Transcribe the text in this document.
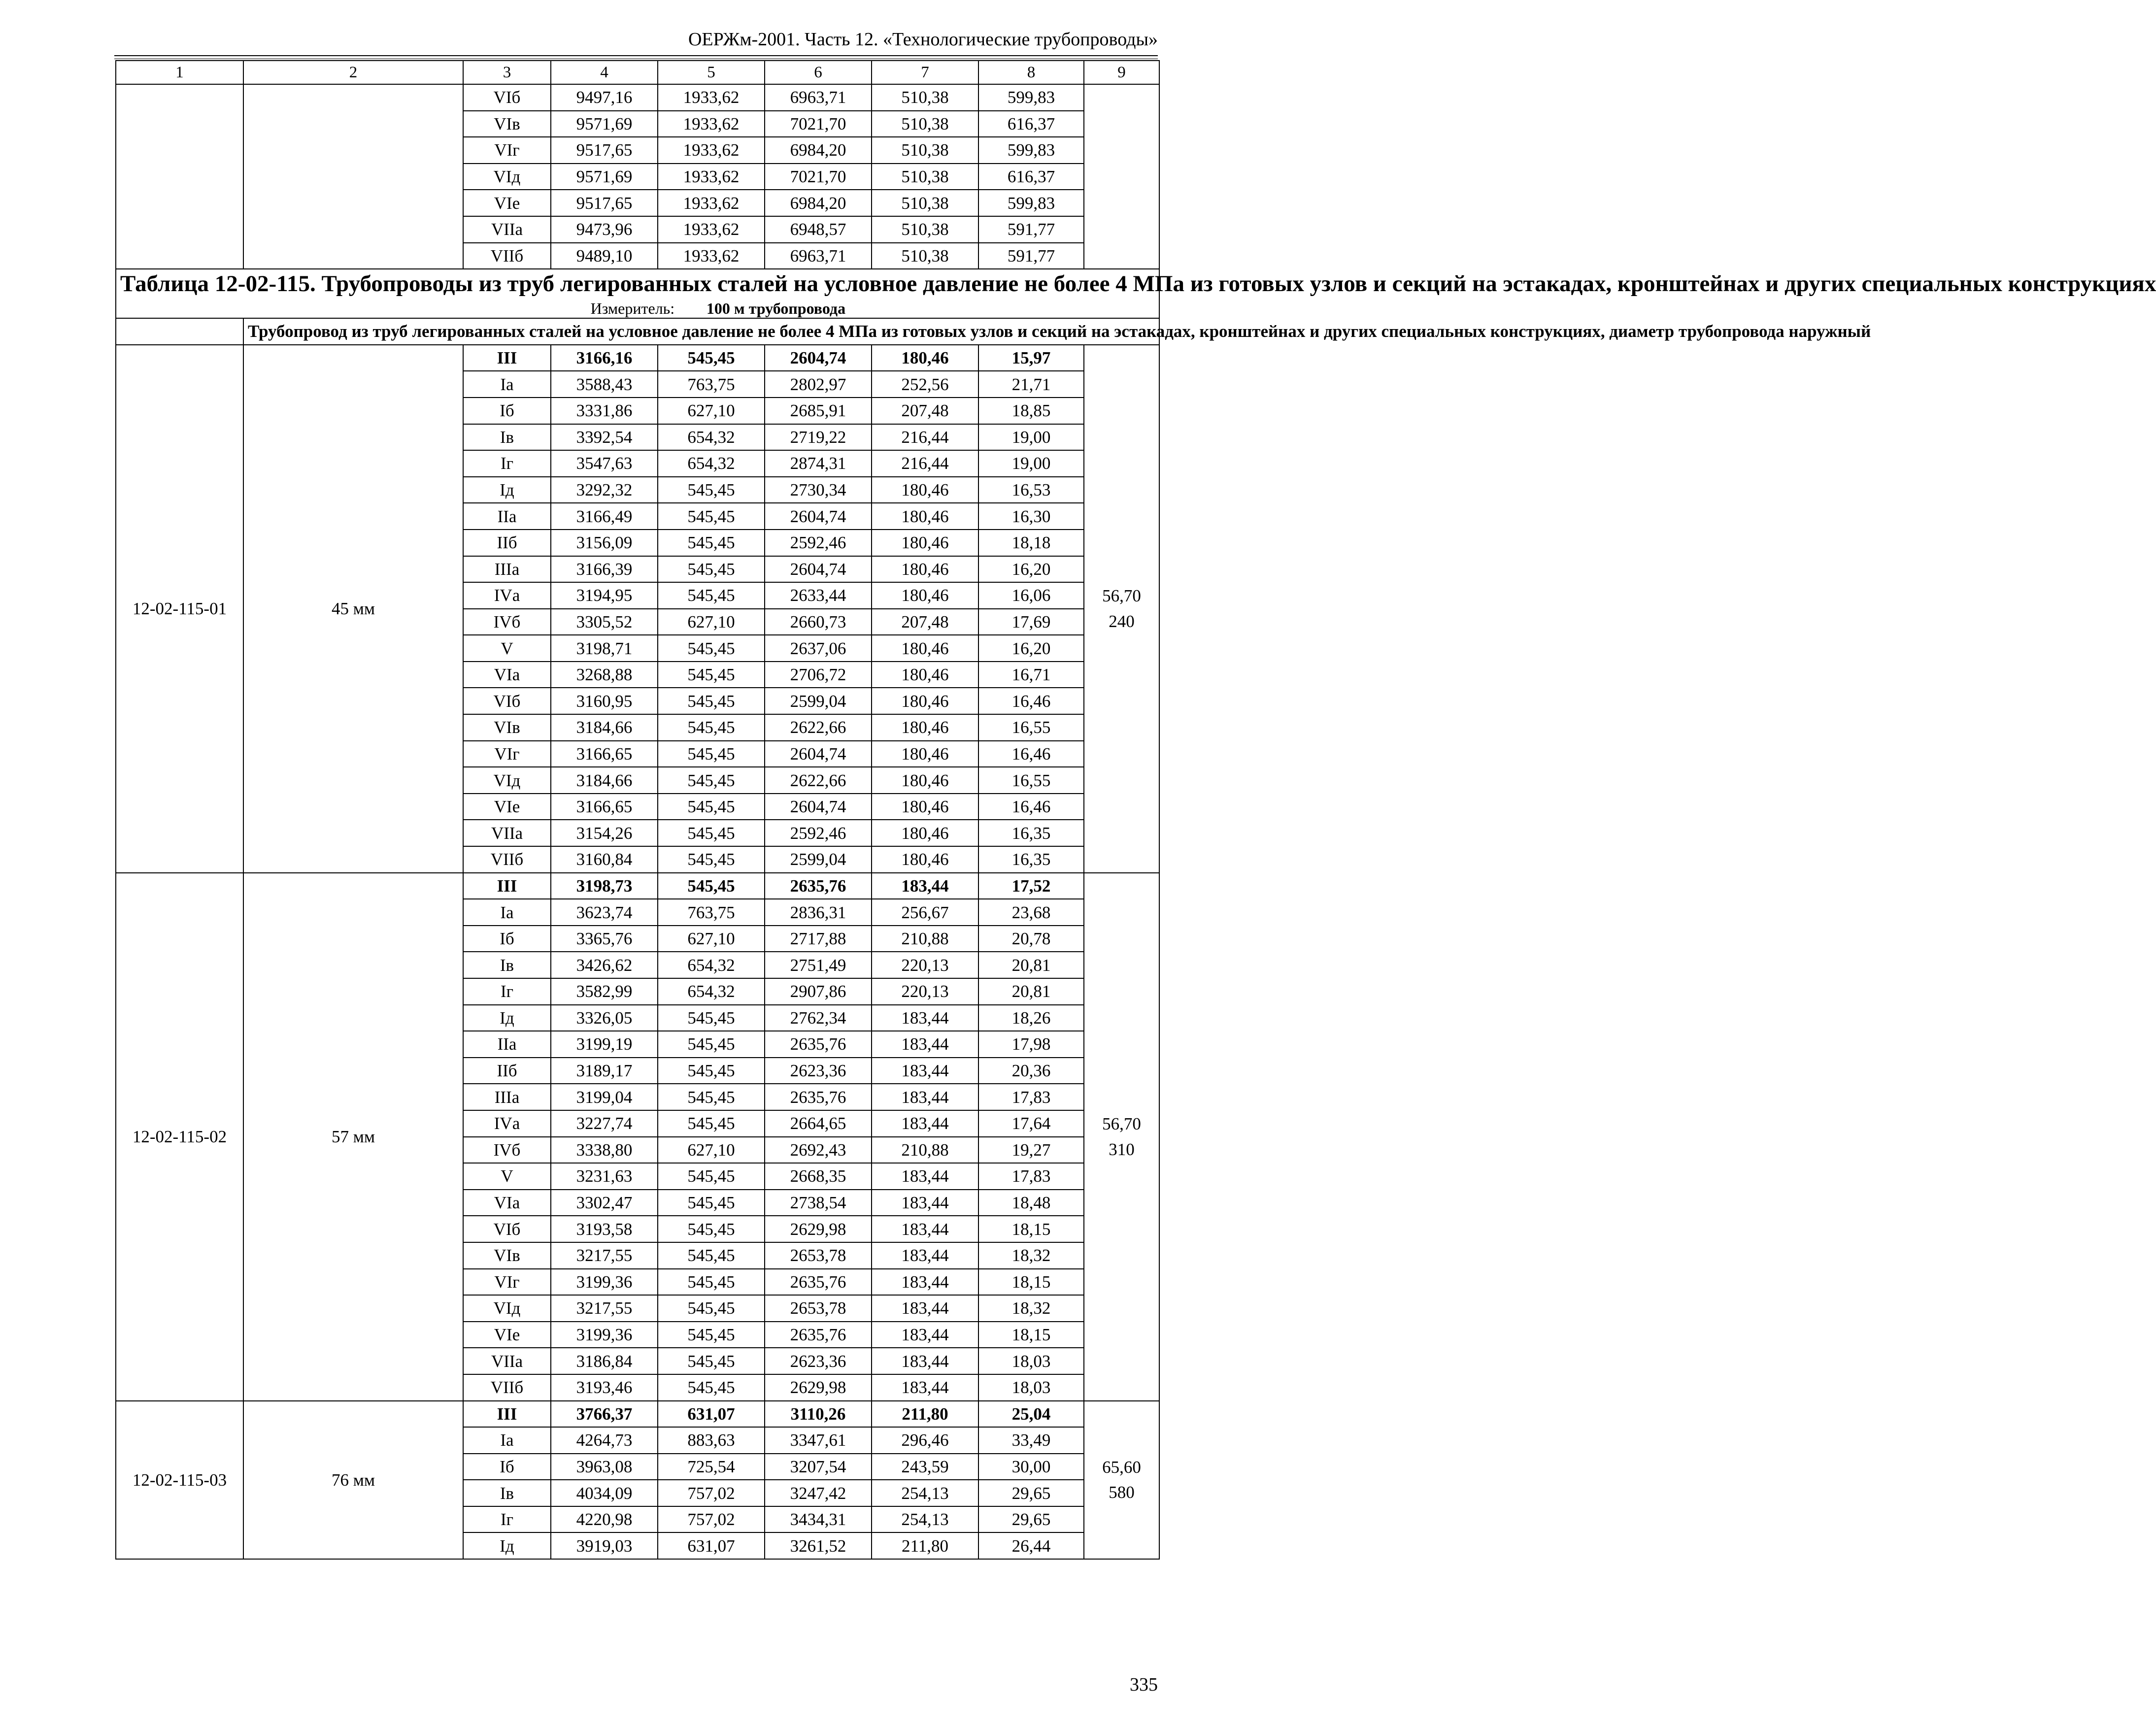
ОЕРЖм-2001. Часть 12. «Технологические трубопроводы»
1	2	3	4	5	6	7	8	9
		VIб	9497,16	1933,62	6963,71	510,38	599,83	
		VIв	9571,69	1933,62	7021,70	510,38	616,37	
		VIг	9517,65	1933,62	6984,20	510,38	599,83	
		VIд	9571,69	1933,62	7021,70	510,38	616,37	
		VIе	9517,65	1933,62	6984,20	510,38	599,83	
		VIIа	9473,96	1933,62	6948,57	510,38	591,77	
		VIIб	9489,10	1933,62	6963,71	510,38	591,77	

Таблица 12-02-115. Трубопроводы из труб легированных сталей на условное давление не более 4 МПа из готовых узлов и секций на эстакадах, кронштейнах и других специальных конструкциях
Измеритель: 100 м трубопровода								

	Трубопровод из труб легированных сталей на условное давление не более 4 МПа из готовых узлов и секций на эстакадах, кронштейнах и других специальных конструкциях, диаметр трубопровода наружный							
12-02-115-01	45 мм	III	3166,16	545,45	2604,74	180,46	15,97	56,70
240

		Iа	3588,43	763,75	2802,97	252,56	21,71	
		Iб	3331,86	627,10	2685,91	207,48	18,85	
		Iв	3392,54	654,32	2719,22	216,44	19,00	
		Iг	3547,63	654,32	2874,31	216,44	19,00	
		Iд	3292,32	545,45	2730,34	180,46	16,53	
		IIа	3166,49	545,45	2604,74	180,46	16,30	
		IIб	3156,09	545,45	2592,46	180,46	18,18	
		IIIа	3166,39	545,45	2604,74	180,46	16,20	
		IVа	3194,95	545,45	2633,44	180,46	16,06	
		IVб	3305,52	627,10	2660,73	207,48	17,69	
		V	3198,71	545,45	2637,06	180,46	16,20	
		VIа	3268,88	545,45	2706,72	180,46	16,71	
		VIб	3160,95	545,45	2599,04	180,46	16,46	
		VIв	3184,66	545,45	2622,66	180,46	16,55	
		VIг	3166,65	545,45	2604,74	180,46	16,46	
		VIд	3184,66	545,45	2622,66	180,46	16,55	
		VIе	3166,65	545,45	2604,74	180,46	16,46	
		VIIа	3154,26	545,45	2592,46	180,46	16,35	
		VIIб	3160,84	545,45	2599,04	180,46	16,35	
12-02-115-02	57 мм	III	3198,73	545,45	2635,76	183,44	17,52	56,70
310

		Iа	3623,74	763,75	2836,31	256,67	23,68	
		Iб	3365,76	627,10	2717,88	210,88	20,78	
		Iв	3426,62	654,32	2751,49	220,13	20,81	
		Iг	3582,99	654,32	2907,86	220,13	20,81	
		Iд	3326,05	545,45	2762,34	183,44	18,26	
		IIа	3199,19	545,45	2635,76	183,44	17,98	
		IIб	3189,17	545,45	2623,36	183,44	20,36	
		IIIа	3199,04	545,45	2635,76	183,44	17,83	
		IVа	3227,74	545,45	2664,65	183,44	17,64	
		IVб	3338,80	627,10	2692,43	210,88	19,27	
		V	3231,63	545,45	2668,35	183,44	17,83	
		VIа	3302,47	545,45	2738,54	183,44	18,48	
		VIб	3193,58	545,45	2629,98	183,44	18,15	
		VIв	3217,55	545,45	2653,78	183,44	18,32	
		VIг	3199,36	545,45	2635,76	183,44	18,15	
		VIд	3217,55	545,45	2653,78	183,44	18,32	
		VIе	3199,36	545,45	2635,76	183,44	18,15	
		VIIа	3186,84	545,45	2623,36	183,44	18,03	
		VIIб	3193,46	545,45	2629,98	183,44	18,03	
12-02-115-03	76 мм	III	3766,37	631,07	3110,26	211,80	25,04	65,60
580

		Iа	4264,73	883,63	3347,61	296,46	33,49	
		Iб	3963,08	725,54	3207,54	243,59	30,00	
		Iв	4034,09	757,02	3247,42	254,13	29,65	
		Iг	4220,98	757,02	3434,31	254,13	29,65	
		Iд	3919,03	631,07	3261,52	211,80	26,44	
335
